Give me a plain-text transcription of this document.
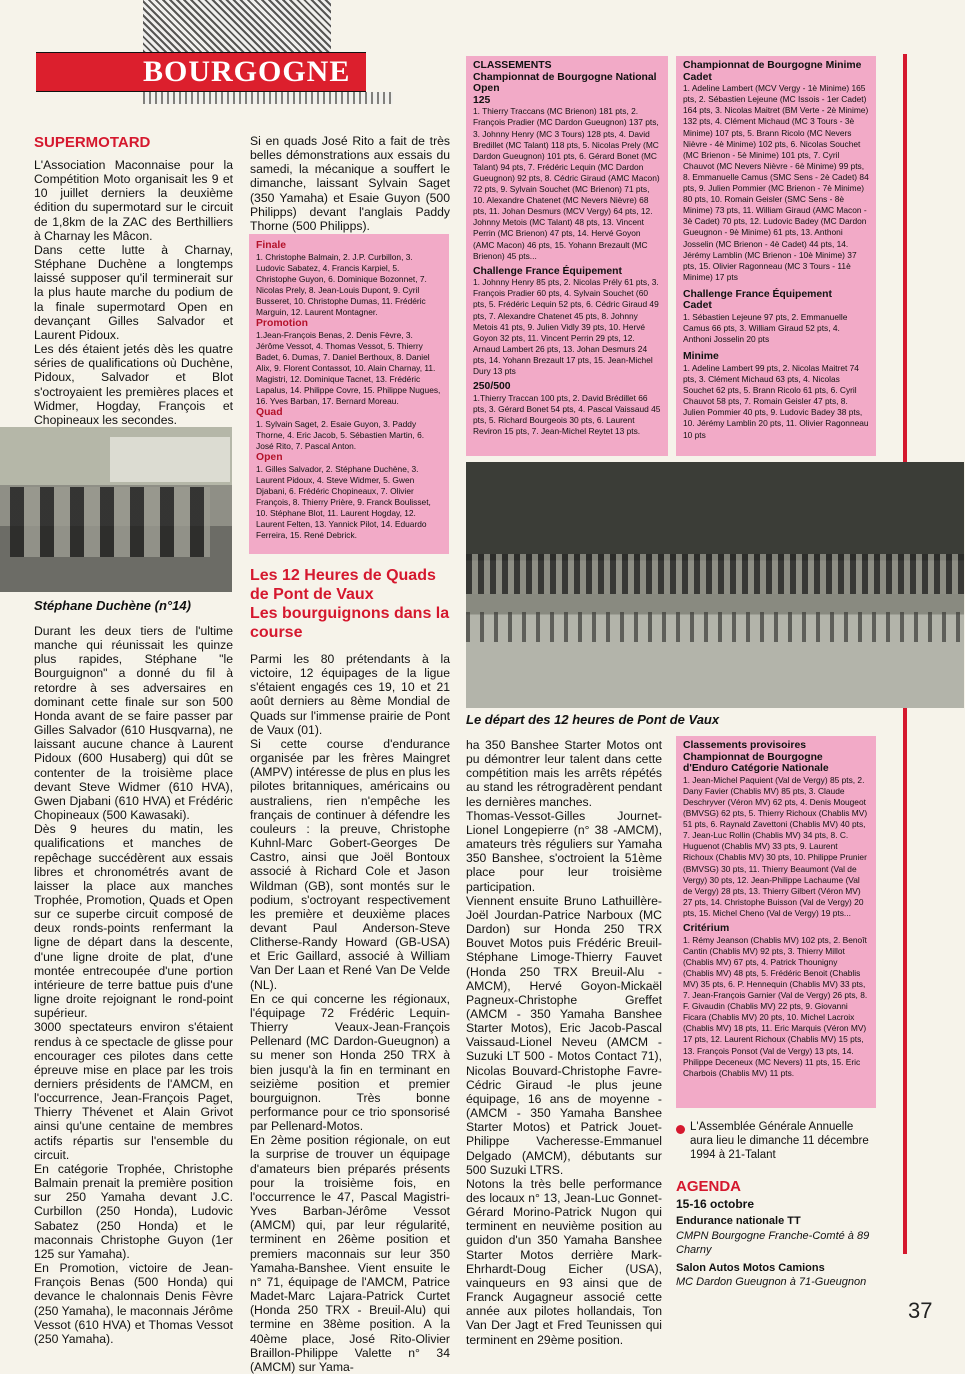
BOURGOGNE
SUPERMOTARD
L'Association Maconnaise pour la Compétition Moto organisait les 9 et 10 juillet derniers la deuxième édition du supermotard sur le circuit de 1,8km de la ZAC des Berthilliers à Charnay les Mâcon.
Dans cette lutte à Charnay, Stéphane Duchène a longtemps laissé supposer qu'il terminerait sur la plus haute marche du podium de la finale supermotard Open en devançant Gilles Salvador et Laurent Pidoux.
Les dés étaient jetés dès les quatre séries de qualifications où Duchène, Pidoux, Salvador et Blot s'octroyaient les premières places et Widmer, Hogday, François et Chopineaux les secondes.
Stéphane Duchène (n°14)
Durant les deux tiers de l'ultime manche qui réunissait les quinze plus rapides, Stéphane "le Bourguignon" a donné du fil à retordre à ses adversaires en dominant cette finale sur son 500 Honda avant de se faire passer par Gilles Salvador (610 Husqvarna), ne laissant aucune chance à Laurent Pidoux (600 Husaberg) qui dût se contenter de la troisième place devant Steve Widmer (610 HVA), Gwen Djabani (610 HVA) et Frédéric Chopineaux (500 Kawasaki).
Dès 9 heures du matin, les qualifications et manches de repêchage succédèrent aux essais libres et chronométrés avant de laisser la place aux manches Trophée, Promotion, Quads et Open sur ce superbe circuit composé de deux ronds-points renfermant la ligne de départ dans la descente, d'une ligne droite de plat, d'une montée entrecoupée d'une portion intérieure de terre battue puis d'une ligne droite rejoignant le rond-point supérieur.
3000 spectateurs environ s'étaient rendus à ce spectacle de glisse pour encourager ces pilotes dans cette épreuve mise en place par les trois derniers présidents de l'AMCM, en l'occurrence, Jean-François Paget, Thierry Thévenet et Alain Grivot ainsi qu'une centaine de membres actifs répartis sur l'ensemble du circuit.
En catégorie Trophée, Christophe Balmain prenait la première position sur 250 Yamaha devant J.C. Curbillon (250 Honda), Ludovic Sabatez (250 Honda) et le maconnais Christophe Guyon (1er 125 sur Yamaha).
En Promotion, victoire de Jean-François Benas (500 Honda) qui devance le chalonnais Denis Fèvre (250 Yamaha), le maconnais Jérôme Vessot (610 HVA) et Thomas Vessot (250 Yamaha).
Si en quads José Rito a fait de très belles démonstrations aux essais du samedi, la mécanique a souffert le dimanche, laissant Sylvain Saget (350 Yamaha) et Esaie Guyon (500 Philipps) devant l'anglais Paddy Thorne (500 Philipps).
Finale
1. Christophe Balmain, 2. J.P. Curbillon, 3. Ludovic Sabatez, 4. Francis Karpiel, 5. Christophe Guyon, 6. Dominique Bozonnet, 7. Nicolas Prely, 8. Jean-Louis Dupont, 9. Cyril Busseret, 10. Christophe Dumas, 11. Frédéric Marguin, 12. Laurent Montagner.
Promotion
1.Jean-François Benas, 2. Denis Fèvre, 3. Jérôme Vessot, 4. Thomas Vessot, 5. Thierry Badet, 6. Dumas, 7. Daniel Berthoux, 8. Daniel Alix, 9. Florent Contassot, 10. Alain Charnay, 11. Magistri, 12. Dominique Tacnet, 13. Frédéric Lapalus, 14. Philippe Covre, 15. Philippe Nugues, 16. Yves Barban, 17. Bernard Moreau.
Quad
1. Sylvain Saget, 2. Esaie Guyon, 3. Paddy Thorne, 4. Eric Jacob, 5. Sébastien Martin, 6. José Rito, 7. Pascal Anton.
Open
1. Gilles Salvador, 2. Stéphane Duchène, 3. Laurent Pidoux, 4. Steve Widmer, 5. Gwen Djabani, 6. Frédéric Chopineaux, 7. Olivier François, 8. Thierry Prière, 9. Franck Boulisset, 10. Stéphane Blot, 11. Laurent Hogday, 12. Laurent Felten, 13. Yannick Pilot, 14. Eduardo Ferreira, 15. René Debrick.
Les 12 Heures de Quads de Pont de Vaux
Les bourguignons dans la course
Parmi les 80 prétendants à la victoire, 12 équipages de la ligue s'étaient engagés ces 19, 10 et 21 août derniers au 8ème Mondial de Quads sur l'immense prairie de Pont de Vaux (01).
Si cette course d'endurance organisée par les frères Maingret (AMPV) intéresse de plus en plus les pilotes britanniques, américains ou australiens, rien n'empêche les français de continuer à défendre les couleurs : la preuve, Christophe Kuhnl-Marc Gobert-Georges De Castro, ainsi que Joël Bontoux associé à Richard Cole et Jason Wildman (GB), sont montés sur le podium, s'octroyant respectivement les première et deuxième places devant Paul Anderson-Steve Clitherse-Randy Howard (GB-USA) et Eric Gaillard, associé à William Van Der Laan et René Van De Velde (NL).
En ce qui concerne les régionaux, l'équipage 72 Frédéric Lequin-Thierry Veaux-Jean-François Pellenard (MC Dardon-Gueugnon) a su mener son Honda 250 TRX à bien jusqu'à la fin en terminant en seizième position et premier bourguignon. Très bonne performance pour ce trio sponsorisé par Pellenard-Motos.
En 2ème position régionale, on eut la surprise de trouver un équipage d'amateurs bien préparés présents pour la troisième fois, en l'occurrence le 47, Pascal Magistri-Yves Barban-Jérôme Vessot (AMCM) qui, par leur régularité, terminent en 26ème position et premiers maconnais sur leur 350 Yamaha-Banshee. Vient ensuite le n° 71, équipage de l'AMCM, Patrice Madet-Marc Lajara-Patrick Curtet (Honda 250 TRX - Breuil-Alu) qui termine en 38ème position. A la 40ème place, José Rito-Olivier Braillon-Philippe Valette n° 34 (AMCM) sur Yama-
CLASSEMENTS
Championnat de Bourgogne National Open
125
1. Thierry Traccans (MC Brienon) 181 pts, 2. François Pradier (MC Dardon Gueugnon) 137 pts, 3. Johnny Henry (MC 3 Tours) 128 pts, 4. David Bredillet (MC Talant) 118 pts, 5. Nicolas Prely (MC Dardon Gueugnon) 101 pts, 6. Gérard Bonet (MC Talant) 94 pts, 7. Frédéric Lequin (MC Dardon Gueugnon) 92 pts, 8. Cédric Giraud (AMC Macon) 72 pts, 9. Sylvain Souchet (MC Brienon) 71 pts, 10. Alexandre Chatenet (MC Nevers Nièvre) 68 pts, 11. Johan Desmurs (MCV Vergy) 64 pts, 12. Johnny Metois (MC Talant) 48 pts, 13. Vincent Perrin (MC Brienon) 47 pts, 14. Hervé Goyon (AMC Macon) 46 pts, 15. Yohann Brezault (MC Brienon) 45 pts...
Challenge France Équipement
1. Johnny Henry 85 pts, 2. Nicolas Prély 61 pts, 3. François Pradier 60 pts, 4. Sylvain Souchet (60 pts, 5. Frédéric Lequin 52 pts, 6. Cédric Giraud 49 pts, 7. Alexandre Chatenet 45 pts, 8. Johnny Metois 41 pts, 9. Julien Vidly 39 pts, 10. Hervé Goyon 32 pts, 11. Vincent Perrin 29 pts, 12. Arnaud Lambert 26 pts, 13. Johan Desmurs 24 pts, 14. Yohann Brezault 17 pts, 15. Jean-Michel Dury 13 pts
250/500
1.Thierry Traccan 100 pts, 2. David Brédillet 66 pts, 3. Gérard Bonet 54 pts, 4. Pascal Vaissaud 45 pts, 5. Richard Bourgeois 30 pts, 6. Laurent Reviron 15 pts, 7. Jean-Michel Reytet 13 pts.
Championnat de Bourgogne Minime Cadet
1. Adeline Lambert (MCV Vergy - 1è Minime) 165 pts, 2. Sébastien Lejeune (MC Issois - 1er Cadet) 164 pts, 3. Nicolas Maitret (BM Verte - 2è Minime) 132 pts, 4. Clément Michaud (MC 3 Tours - 3è Minime) 107 pts, 5. Brann Ricolo (MC Nevers Nièvre - 4è Minime) 102 pts, 6. Nicolas Souchet (MC Brienon - 5è Minime) 101 pts, 7. Cyril Chauvot (MC Nevers Nièvre - 6è Minime) 99 pts, 8. Emmanuelle Camus (SMC Sens - 2è Cadet) 84 pts, 9. Julien Pommier (MC Brienon - 7è Minime) 80 pts, 10. Romain Geisler (SMC Sens - 8è Minime) 73 pts, 11. William Giraud (AMC Macon - 3è Cadet) 70 pts, 12. Ludovic Badey (MC Dardon Gueugnon - 9è Minime) 61 pts, 13. Anthoni Josselin (MC Brienon - 4è Cadet) 44 pts, 14. Jérémy Lamblin (MC Brienon - 10è Minime) 37 pts, 15. Olivier Ragonneau (MC 3 Tours - 11è Minime) 17 pts
Challenge France Équipement
Cadet
1. Sébastien Lejeune 97 pts, 2. Emmanuelle Camus 66 pts, 3. William Giraud 52 pts, 4. Anthoni Josselin 20 pts
Minime
1. Adeline Lambert 99 pts, 2. Nicolas Maitret 74 pts, 3. Clément Michaud 63 pts, 4. Nicolas Souchet 62 pts, 5. Brann Ricolo 61 pts, 6. Cyril Chauvot 58 pts, 7. Romain Geisler 47 pts, 8. Julien Pommier 40 pts, 9. Ludovic Badey 38 pts, 10. Jérémy Lamblin 20 pts, 11. Olivier Ragonneau 10 pts
Le départ des 12 heures de Pont de Vaux
ha 350 Banshee Starter Motos ont pu démontrer leur talent dans cette compétition mais les arrêts répétés au stand les rétrogradèrent pendant les dernières manches.
Thomas-Vessot-Gilles Journet-Lionel Longepierre (n° 38 -AMCM), amateurs très réguliers sur Yamaha 350 Banshee, s'octroient la 51ème place pour leur troisième participation.
Viennent ensuite Bruno Lathuillère-Joël Jourdan-Patrice Narboux (MC Dardon) sur Honda 250 TRX Bouvet Motos puis Frédéric Breuil-Stéphane Limoge-Thierry Fauvet (Honda 250 TRX Breuil-Alu - AMCM), Hervé Goyon-Mickaël Pagneux-Christophe Greffet (AMCM - 350 Yamaha Banshee Starter Motos), Eric Jacob-Pascal Vaissaud-Lionel Neveu (AMCM -Suzuki LT 500 - Motos Contact 71), Nicolas Bouvard-Christophe Favre-Cédric Giraud -le plus jeune équipage, 16 ans de moyenne - (AMCM - 350 Yamaha Banshee Starter Motos) et Patrick Jouet-Philippe Vacheresse-Emmanuel Delgado (AMCM), débutants sur 500 Suzuki LTRS.
Notons la très belle performance des locaux n° 13, Jean-Luc Gonnet-Gérard Morino-Patrick Nugon qui terminent en neuvième position au guidon d'un 350 Yamaha Banshee Starter Motos derrière Mark-Ehrhardt-Doug Eicher (USA), vainqueurs en 93 ainsi que de Franck Augagneur associé cette année aux pilotes hollandais, Ton Van Der Jagt et Fred Teunissen qui terminent en 29ème position.
Classements provisoires Championnat de Bourgogne d'Enduro Catégorie Nationale
1. Jean-Michel Paquient (Val de Vergy) 85 pts, 2. Dany Favier (Chablis MV) 85 pts, 3. Claude Deschryver (Véron MV) 62 pts, 4. Denis Mougeot (BMVSG) 62 pts, 5. Thierry Richoux (Chablis MV) 51 pts, 6. Raynald Zavettoni (Chablis MV) 40 pts, 7. Jean-Luc Rollin (Chablis MV) 34 pts, 8. C. Huguenot (Chablis MV) 33 pts, 9. Laurent Richoux (Chablis MV) 30 pts, 10. Philippe Prunier (BMVSG) 30 pts, 11. Thierry Beaumont (Val de Vergy) 30 pts, 12. Jean-Philippe Lachaume (Val de Vergy) 28 pts, 13. Thierry Gilbert (Véron MV) 27 pts, 14. Christophe Buisson (Val de Vergy) 20 pts, 15. Michel Cheno (Val de Vergy) 19 pts...
Critérium
1. Rémy Jeanson (Chablis MV) 102 pts, 2. Benoît Cantin (Chablis MV) 92 pts, 3. Thierry Millot (Chablis MV) 67 pts, 4. Patrick Thounigny (Chablis MV) 48 pts, 5. Frédéric Benoit (Chablis MV) 35 pts, 6. P. Hennequin (Chablis MV) 33 pts, 7. Jean-François Garnier (Val de Vergy) 26 pts, 8. F. Givaudin (Chablis MV) 22 pts, 9. Giovanni Ficara (Chablis MV) 20 pts, 10. Michel Lacroix (Chablis MV) 18 pts, 11. Eric Marquis (Véron MV) 17 pts, 12. Laurent Richoux (Chablis MV) 15 pts, 13. François Ponsot (Val de Vergy) 13 pts, 14. Philippe Deceneux (MC Nevers) 11 pts, 15. Eric Charbois (Chablis MV) 11 pts.
L'Assemblée Générale Annuelle aura lieu le dimanche 11 décembre 1994 à 21-Talant
AGENDA
15-16 octobre
Endurance nationale TT
CMPN Bourgogne Franche-Comté à 89 Charny
Salon Autos Motos Camions
MC Dardon Gueugnon à 71-Gueugnon
37
